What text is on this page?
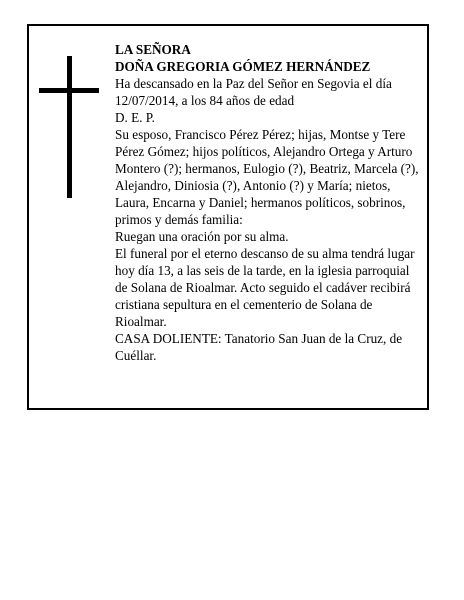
LA SEÑORA

DOÑA GREGORIA GÓMEZ HERNÁNDEZ

Ha descansado en la Paz del Señor en Segovia el día 12/07/2014, a los 84 años de edad

D. E. P.

Su esposo, Francisco Pérez Pérez; hijas, Montse y Tere Pérez Gómez; hijos políticos, Alejandro Ortega y Arturo Montero (?); hermanos, Eulogio (?), Beatriz, Marcela (?), Alejandro, Diniosia (?), Antonio (?) y María; nietos, Laura, Encarna y Daniel; hermanos políticos, sobrinos, primos y demás familia:

Ruegan una oración por su alma.

El funeral por el eterno descanso de su alma tendrá lugar hoy día 13, a las seis de la tarde, en la iglesia parroquial de Solana de Rioalmar. Acto seguido el cadáver recibirá cristiana sepultura en el cementerio de Solana de Rioalmar.

CASA DOLIENTE: Tanatorio San Juan de la Cruz, de Cuéllar.
